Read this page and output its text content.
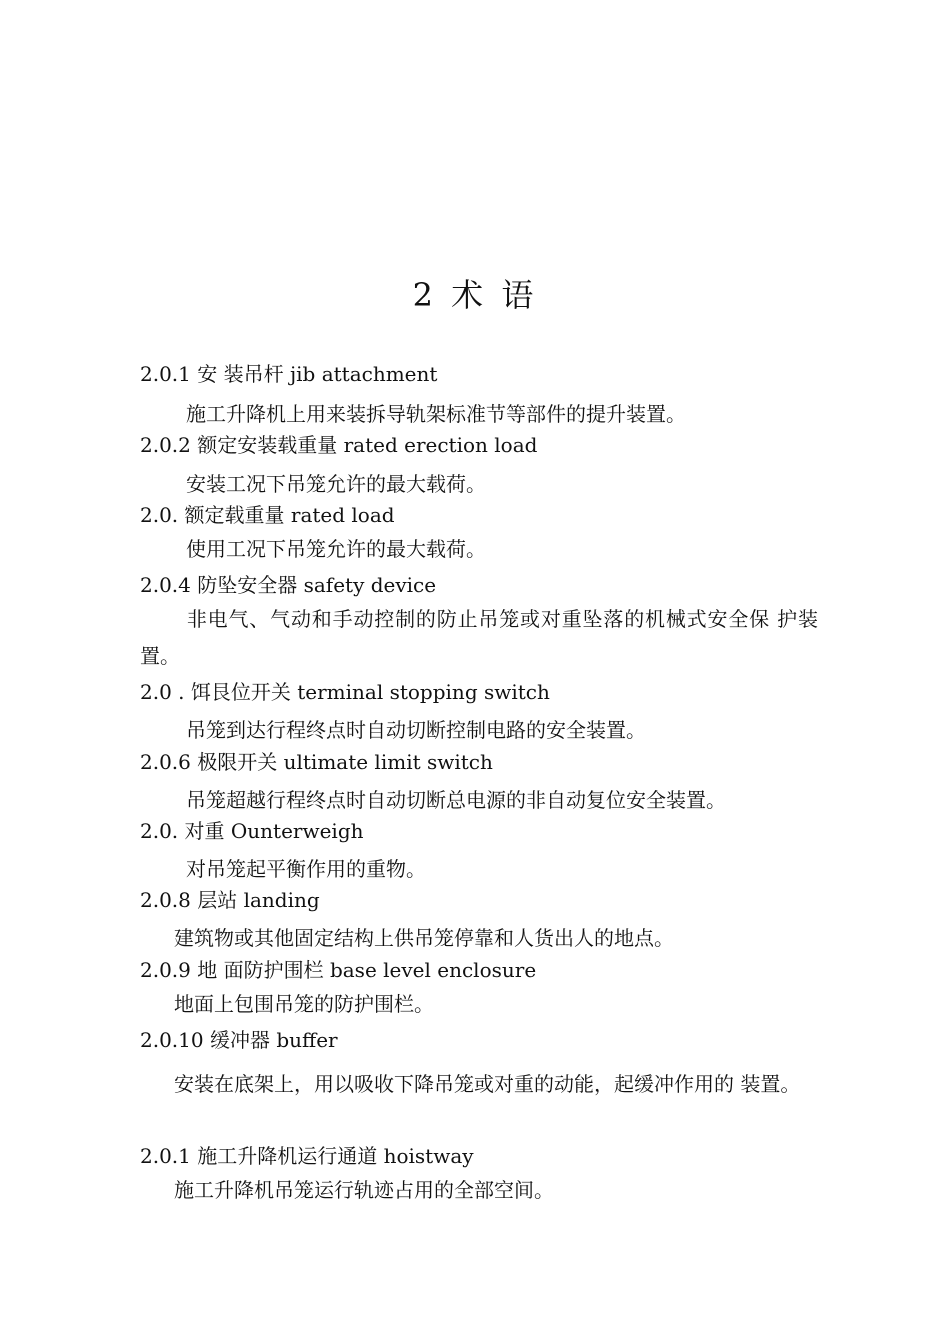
2 术 语
2.0.1 安 装吊杆 jib attachment
施工升降机上用来装拆导轨架标准节等部件的提升装置。
2.0.2 额定安装载重量 rated erection load
安装工况下吊笼允许的最大载荷。
2.0. 额定载重量 rated load
使用工况下吊笼允许的最大载荷。
2.0.4 防坠安全器 safety device
非电气、气动和手动控制的防止吊笼或对重坠落的机械式安全保 护装置。
2.0 . 饵艮位开关 terminal stopping switch
吊笼到达行程终点时自动切断控制电路的安全装置。
2.0.6 极限开关 ultimate limit switch
吊笼超越行程终点时自动切断总电源的非自动复位安全装置。
2.0. 对重 Ounterweigh
对吊笼起平衡作用的重物。
2.0.8 层站 landing
建筑物或其他固定结构上供吊笼停靠和人货出人的地点。
2.0.9 地 面防护围栏 base level enclosure
地面上包围吊笼的防护围栏。
2.0.10 缓冲器 buffer
安装在底架上，用以吸收下降吊笼或对重的动能，起缓冲作用的 装置。
2.0.1 施工升降机运行通道 hoistway
施工升降机吊笼运行轨迹占用的全部空间。
